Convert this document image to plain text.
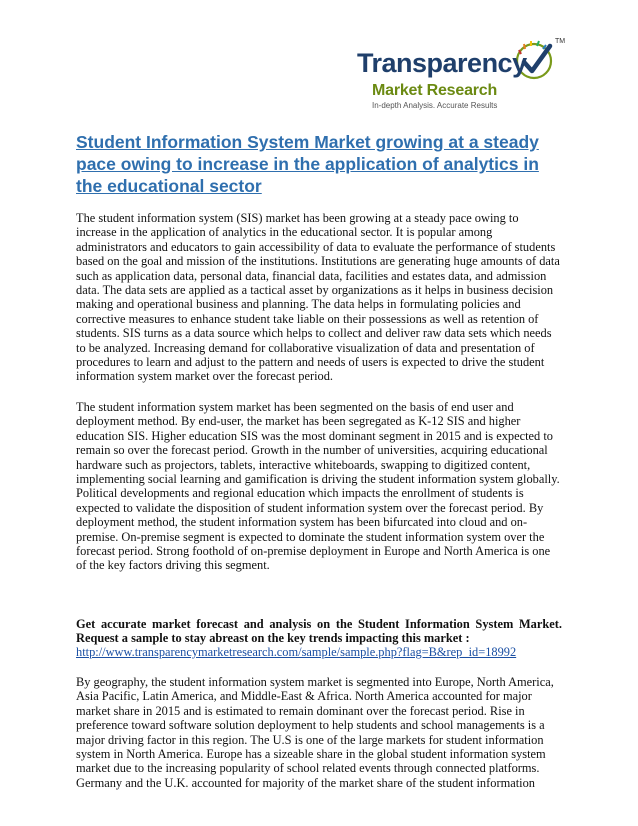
TM
Transparency
Market Research
In-depth Analysis. Accurate Results
Student Information System Market growing at a steady pace owing to increase in the application of analytics in the educational sector

The student information system (SIS) market has been growing at a steady pace owing to increase in the application of analytics in the educational sector. It is popular among administrators and educators to gain accessibility of data to evaluate the performance of students based on the goal and mission of the institutions. Institutions are generating huge amounts of data such as application data, personal data, financial data, facilities and estates data, and admission data. The data sets are applied as a tactical asset by organizations as it helps in business decision making and operational business and planning. The data helps in formulating policies and corrective measures to enhance student take liable on their possessions as well as retention of students. SIS turns as a data source which helps to collect and deliver raw data sets which needs to be analyzed. Increasing demand for collaborative visualization of data and presentation of procedures to learn and adjust to the pattern and needs of users is expected to drive the student information system market over the forecast period.

The student information system market has been segmented on the basis of end user and deployment method. By end-user, the market has been segregated as K-12 SIS and higher education SIS. Higher education SIS was the most dominant segment in 2015 and is expected to remain so over the forecast period. Growth in the number of universities, acquiring educational hardware such as projectors, tablets, interactive whiteboards, swapping to digitized content, implementing social learning and gamification is driving the student information system globally. Political developments and regional education which impacts the enrollment of students is expected to validate the disposition of student information system over the forecast period. By deployment method, the student information system has been bifurcated into cloud and on-premise. On-premise segment is expected to dominate the student information system over the forecast period. Strong foothold of on-premise deployment in Europe and North America is one of the key factors driving this segment.

Get accurate market forecast and analysis on the Student Information System Market. Request a sample to stay abreast on the key trends impacting this market :

http://www.transparencymarketresearch.com/sample/sample.php?flag=B&rep_id=18992

By geography, the student information system market is segmented into Europe, North America, Asia Pacific, Latin America, and Middle-East & Africa. North America accounted for major market share in 2015 and is estimated to remain dominant over the forecast period. Rise in preference toward software solution deployment to help students and school managements is a major driving factor in this region. The U.S is one of the large markets for student information system in North America. Europe has a sizeable share in the global student information system market due to the increasing popularity of school related events through connected platforms. Germany and the U.K. accounted for majority of the market share of the student information
